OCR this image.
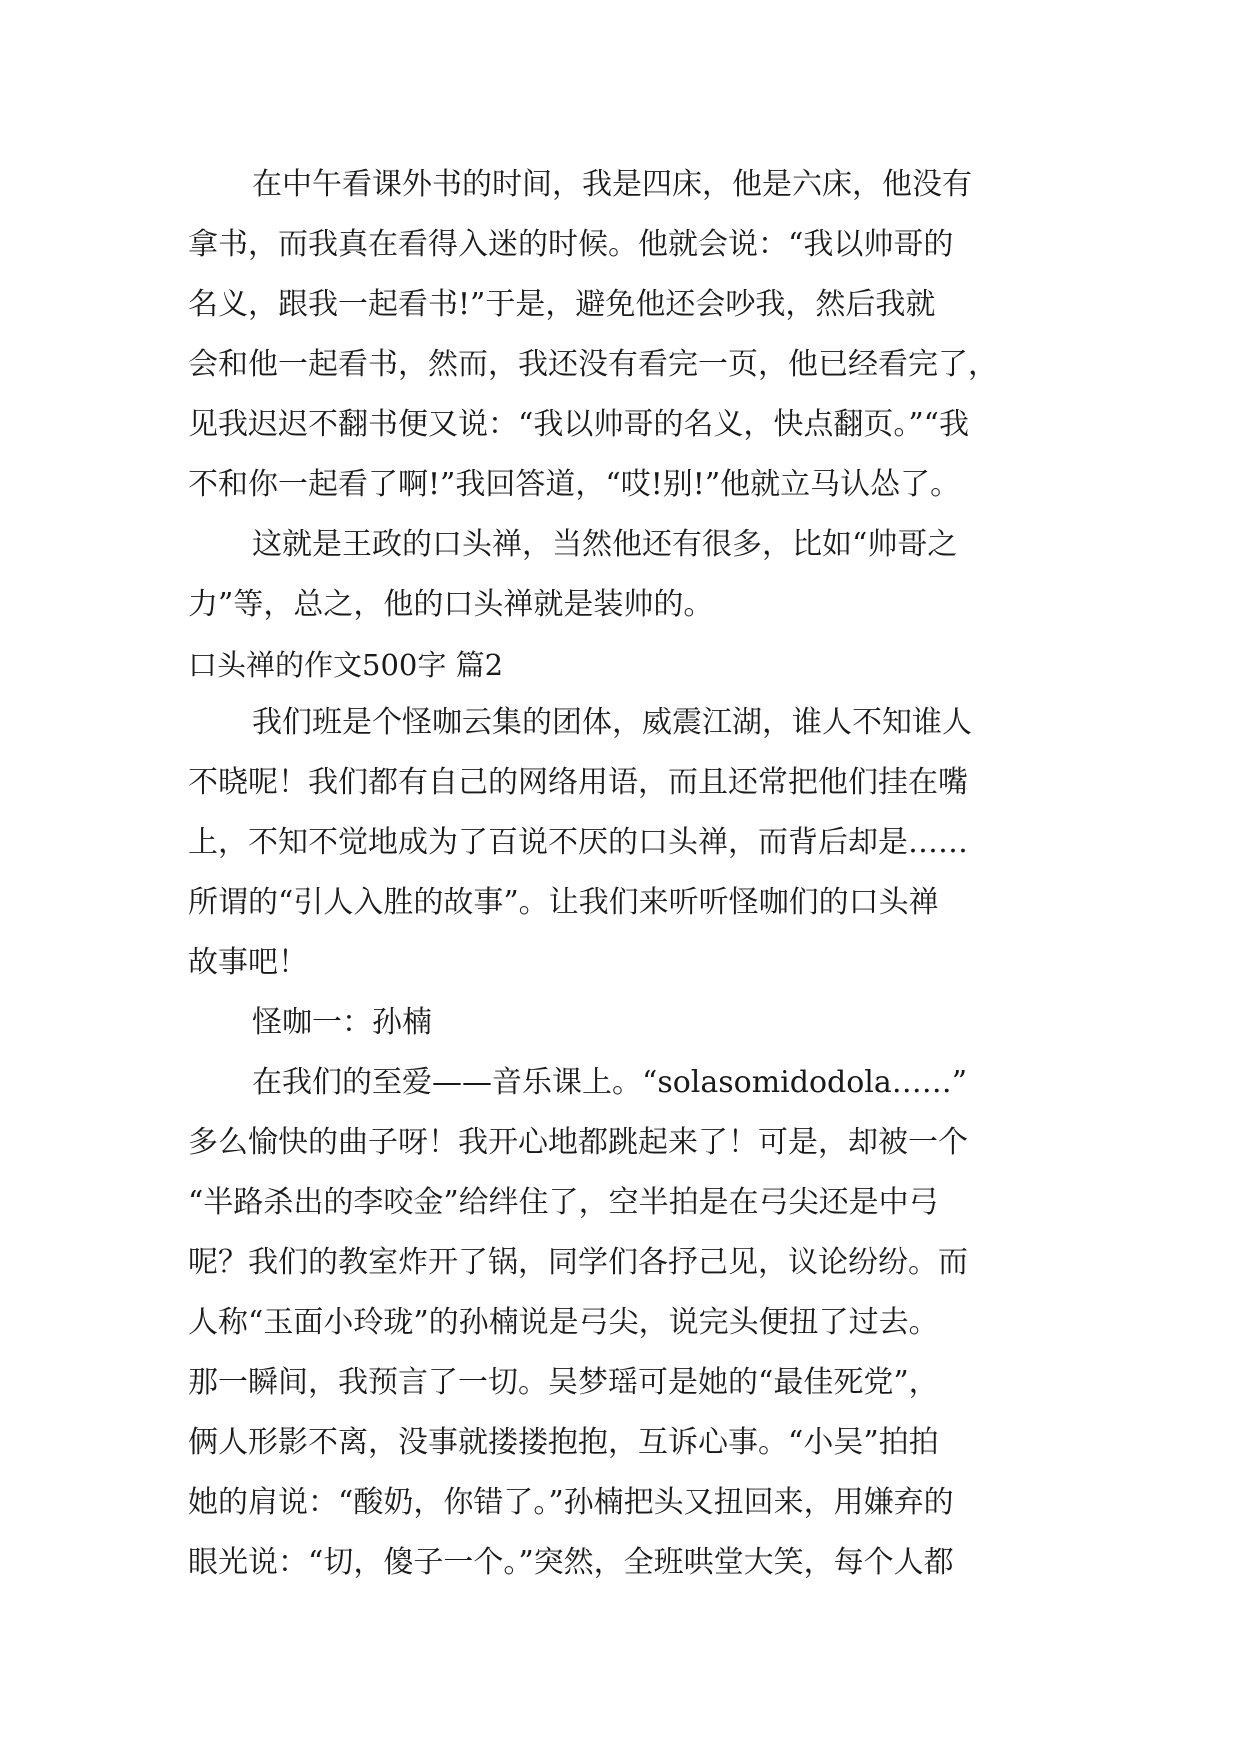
在中午看课外书的时间，我是四床，他是六床，他没有
拿书，而我真在看得入迷的时候。他就会说：“我以帅哥的
名义，跟我一起看书!”于是，避免他还会吵我，然后我就
会和他一起看书，然而，我还没有看完一页，他已经看完了，
见我迟迟不翻书便又说：“我以帅哥的名义，快点翻页。”“我
不和你一起看了啊!”我回答道，“哎!别!”他就立马认怂了。
这就是王政的口头禅，当然他还有很多，比如“帅哥之
力”等，总之，他的口头禅就是装帅的。
口头禅的作文500字 篇2
我们班是个怪咖云集的团体，威震江湖，谁人不知谁人
不晓呢！我们都有自己的网络用语，而且还常把他们挂在嘴
上，不知不觉地成为了百说不厌的口头禅，而背后却是……
所谓的“引人入胜的故事”。让我们来听听怪咖们的口头禅
故事吧！
怪咖一：孙楠
在我们的至爱——音乐课上。“solasomidodola……”
多么愉快的曲子呀！我开心地都跳起来了！可是，却被一个
“半路杀出的李咬金”给绊住了，空半拍是在弓尖还是中弓
呢？我们的教室炸开了锅，同学们各抒己见，议论纷纷。而
人称“玉面小玲珑”的孙楠说是弓尖，说完头便扭了过去。
那一瞬间，我预言了一切。吴梦瑶可是她的“最佳死党”，
俩人形影不离，没事就搂搂抱抱，互诉心事。“小吴”拍拍
她的肩说：“酸奶，你错了。”孙楠把头又扭回来，用嫌弃的
眼光说：“切，傻子一个。”突然，全班哄堂大笑，每个人都
